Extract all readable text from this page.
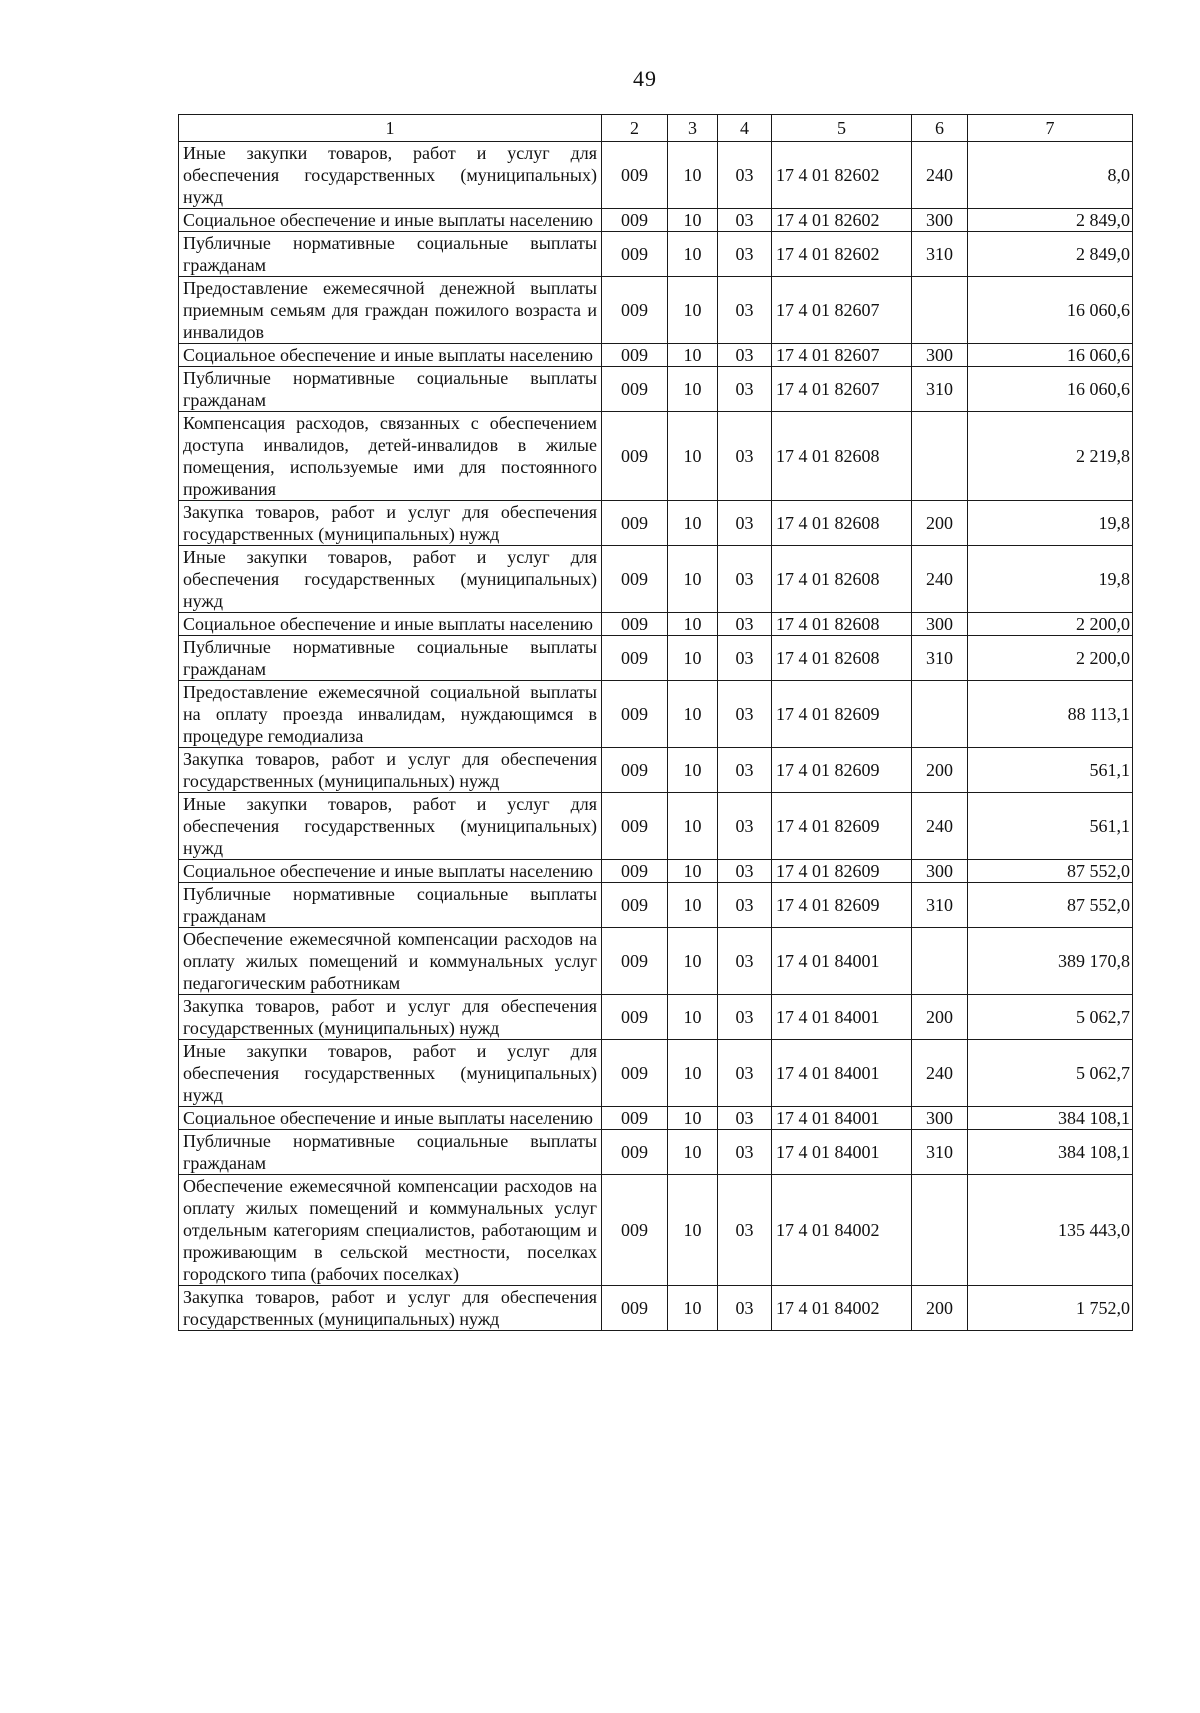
49
1	2	3	4	5	6	7
Иные закупки товаров, работ и услуг для обеспечения государственных (муниципальных) нужд	009	10	03	17 4 01 82602	240	8,0
Социальное обеспечение и иные выплаты населению	009	10	03	17 4 01 82602	300	2 849,0
Публичные нормативные социальные выплаты гражданам	009	10	03	17 4 01 82602	310	2 849,0
Предоставление ежемесячной денежной выплаты приемным семьям для граждан пожилого возраста и инвалидов	009	10	03	17 4 01 82607		16 060,6
Социальное обеспечение и иные выплаты населению	009	10	03	17 4 01 82607	300	16 060,6
Публичные нормативные социальные выплаты гражданам	009	10	03	17 4 01 82607	310	16 060,6
Компенсация расходов, связанных с обеспечением доступа инвалидов, детей-инвалидов в жилые помещения, используемые ими для постоянного проживания	009	10	03	17 4 01 82608		2 219,8
Закупка товаров, работ и услуг для обеспечения государственных (муниципальных) нужд	009	10	03	17 4 01 82608	200	19,8
Иные закупки товаров, работ и услуг для обеспечения государственных (муниципальных) нужд	009	10	03	17 4 01 82608	240	19,8
Социальное обеспечение и иные выплаты населению	009	10	03	17 4 01 82608	300	2 200,0
Публичные нормативные социальные выплаты гражданам	009	10	03	17 4 01 82608	310	2 200,0
Предоставление ежемесячной социальной выплаты на оплату проезда инвалидам, нуждающимся в процедуре гемодиализа	009	10	03	17 4 01 82609		88 113,1
Закупка товаров, работ и услуг для обеспечения государственных (муниципальных) нужд	009	10	03	17 4 01 82609	200	561,1
Иные закупки товаров, работ и услуг для обеспечения государственных (муниципальных) нужд	009	10	03	17 4 01 82609	240	561,1
Социальное обеспечение и иные выплаты населению	009	10	03	17 4 01 82609	300	87 552,0
Публичные нормативные социальные выплаты гражданам	009	10	03	17 4 01 82609	310	87 552,0
Обеспечение ежемесячной компенсации расходов на оплату жилых помещений и коммунальных услуг педагогическим работникам	009	10	03	17 4 01 84001		389 170,8
Закупка товаров, работ и услуг для обеспечения государственных (муниципальных) нужд	009	10	03	17 4 01 84001	200	5 062,7
Иные закупки товаров, работ и услуг для обеспечения государственных (муниципальных) нужд	009	10	03	17 4 01 84001	240	5 062,7
Социальное обеспечение и иные выплаты населению	009	10	03	17 4 01 84001	300	384 108,1
Публичные нормативные социальные выплаты гражданам	009	10	03	17 4 01 84001	310	384 108,1
Обеспечение ежемесячной компенсации расходов на оплату жилых помещений и коммунальных услуг отдельным категориям специалистов, работающим и проживающим в сельской местности, поселках городского типа (рабочих поселках)	009	10	03	17 4 01 84002		135 443,0
Закупка товаров, работ и услуг для обеспечения государственных (муниципальных) нужд	009	10	03	17 4 01 84002	200	1 752,0
